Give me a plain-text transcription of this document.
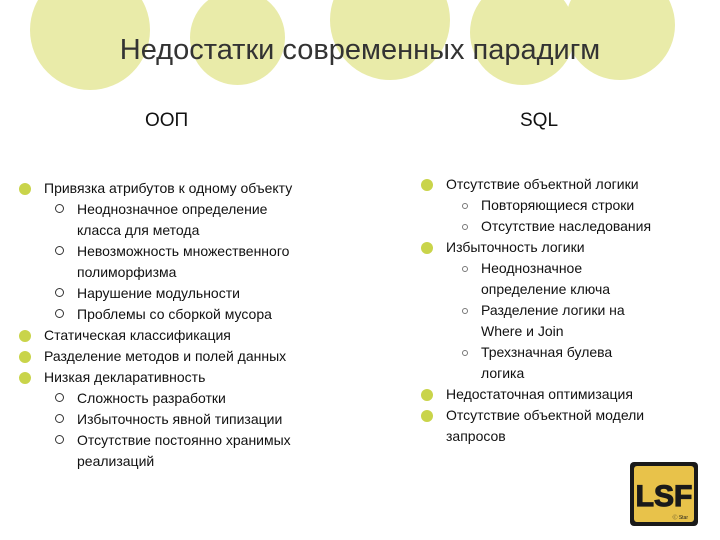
Недостатки современных парадигм
ООП	SQL
Привязка атрибутов к одному объекту
Неоднозначное определение
класса для метода
Невозможность множественного
полиморфизма
Нарушение модульности
Проблемы со сборкой мусора
Статическая классификация
Разделение методов и полей данных
Низкая декларативность
Сложность разработки
Избыточность явной типизации
Отсутствие постоянно хранимых
реализаций
Отсутствие объектной логики
Повторяющиеся строки
Отсутствие наследования
Избыточность логики
Неоднозначное
определение ключа
Разделение логики на
Where и Join
Трехзначная булева
логика
Недостаточная оптимизация
Отсутствие объектной модели
запросов
LSF
Ⓒ Star
